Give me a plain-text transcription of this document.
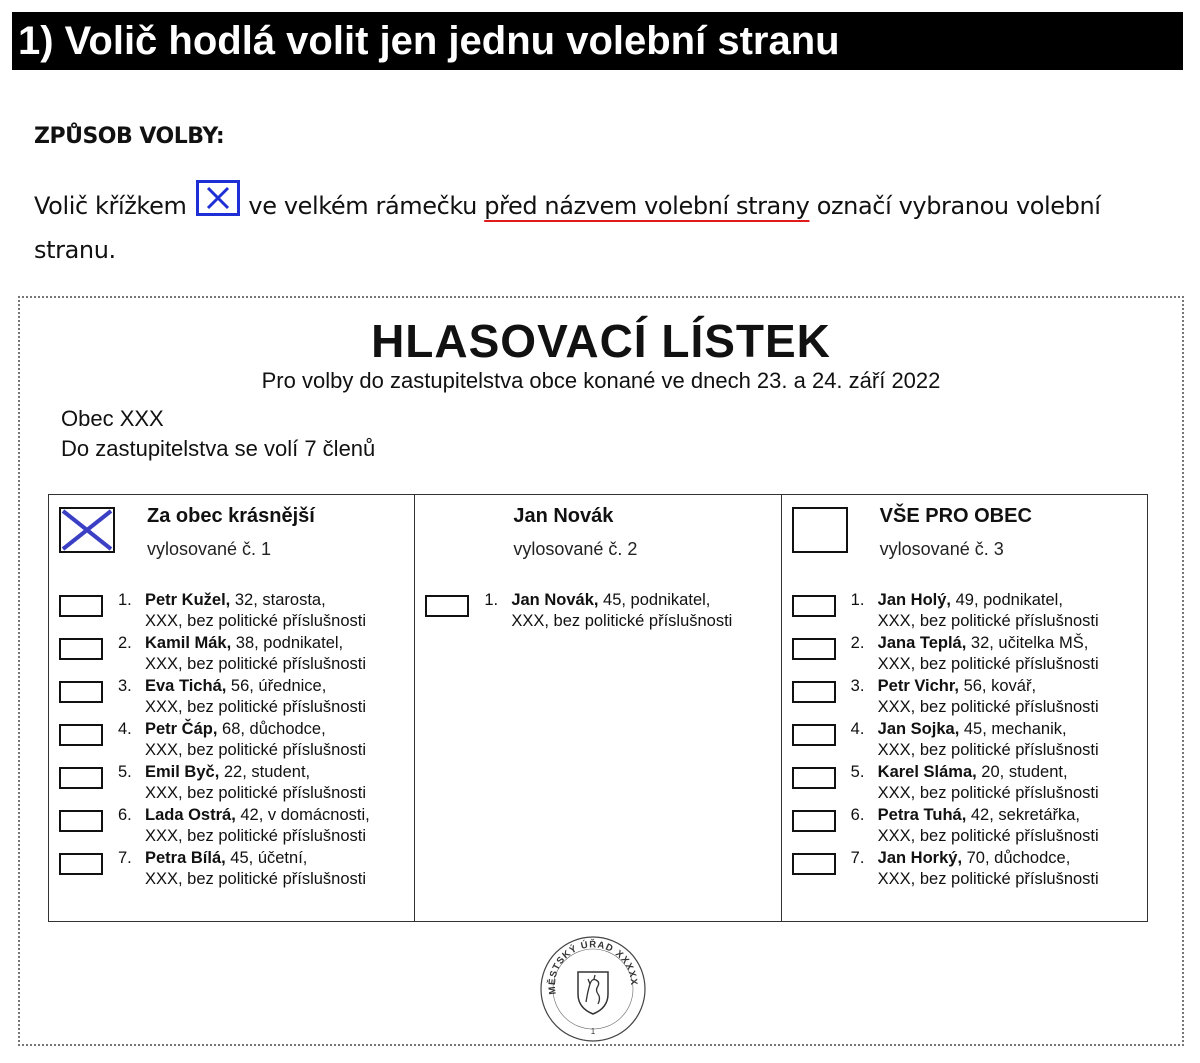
1) Volič hodlá volit jen jednu volební stranu
ZPŮSOB VOLBY:
Volič křížkem	ve velkém rámečku před názvem volební strany označí vybranou volební stranu.
HLASOVACÍ LÍSTEK
Pro volby do zastupitelstva obce konané ve dnech 23. a 24. září 2022
Obec XXX
Do zastupitelstva se volí 7 členů
Za obec krásnější
vylosované č. 1
1. Petr Kužel, 32, starosta,
XXX, bez politické příslušnosti
2. Kamil Mák, 38, podnikatel,
XXX, bez politické příslušnosti
3. Eva Tichá, 56, úřednice,
XXX, bez politické příslušnosti
4. Petr Čáp, 68, důchodce,
XXX, bez politické příslušnosti
5. Emil Byč, 22, student,
XXX, bez politické příslušnosti
6. Lada Ostrá, 42, v domácnosti,
XXX, bez politické příslušnosti
7. Petra Bílá, 45, účetní,
XXX, bez politické příslušnosti
Jan Novák
vylosované č. 2
1. Jan Novák, 45, podnikatel,
XXX, bez politické příslušnosti
VŠE PRO OBEC
vylosované č. 3
1. Jan Holý, 49, podnikatel,
XXX, bez politické příslušnosti
2. Jana Teplá, 32, učitelka MŠ,
XXX, bez politické příslušnosti
3. Petr Vichr, 56, kovář,
XXX, bez politické příslušnosti
4. Jan Sojka, 45, mechanik,
XXX, bez politické příslušnosti
5. Karel Sláma, 20, student,
XXX, bez politické příslušnosti
6. Petra Tuhá, 42, sekretářka,
XXX, bez politické příslušnosti
7. Jan Horký, 70, důchodce,
XXX, bez politické příslušnosti
MĚSTSKÝ ÚŘAD XXXXX
1
